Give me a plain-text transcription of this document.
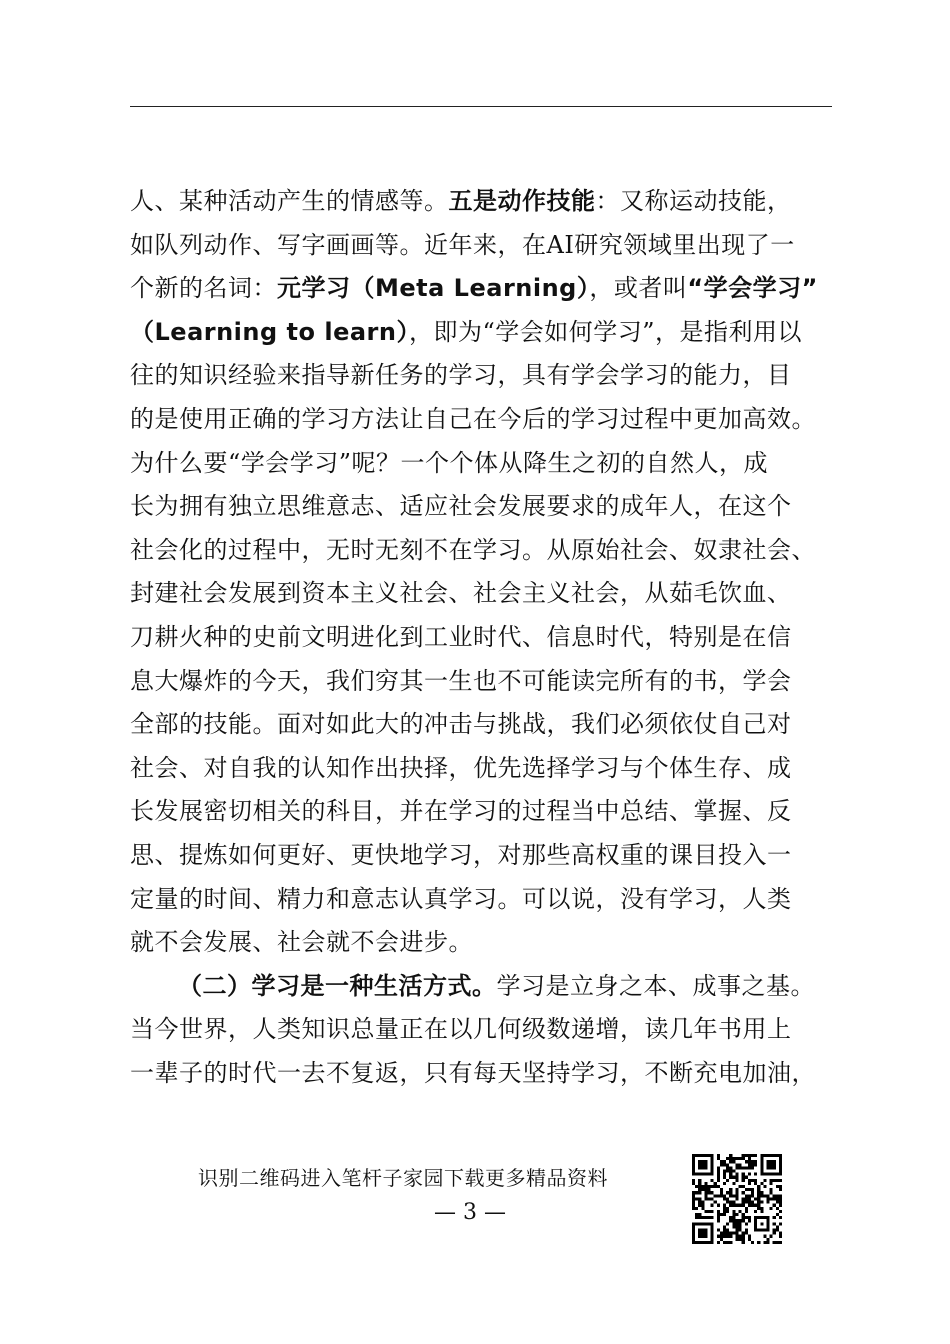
人、某种活动产生的情感等。五是动作技能：又称运动技能，
如队列动作、写字画画等。近年来，在AI研究领域里出现了一
个新的名词：元学习（Meta Learning），或者叫“学会学习”
（Learning to learn），即为“学会如何学习”，是指利用以
往的知识经验来指导新任务的学习，具有学会学习的能力，目
的是使用正确的学习方法让自己在今后的学习过程中更加高效。
为什么要“学会学习”呢？一个个体从降生之初的自然人，成
长为拥有独立思维意志、适应社会发展要求的成年人，在这个
社会化的过程中，无时无刻不在学习。从原始社会、奴隶社会、
封建社会发展到资本主义社会、社会主义社会，从茹毛饮血、
刀耕火种的史前文明进化到工业时代、信息时代，特别是在信
息大爆炸的今天，我们穷其一生也不可能读完所有的书，学会
全部的技能。面对如此大的冲击与挑战，我们必须依仗自己对
社会、对自我的认知作出抉择，优先选择学习与个体生存、成
长发展密切相关的科目，并在学习的过程当中总结、掌握、反
思、提炼如何更好、更快地学习，对那些高权重的课目投入一
定量的时间、精力和意志认真学习。可以说，没有学习，人类
就不会发展、社会就不会进步。
（二）学习是一种生活方式。学习是立身之本、成事之基。
当今世界，人类知识总量正在以几何级数递增，读几年书用上
一辈子的时代一去不复返，只有每天坚持学习，不断充电加油，
识别二维码进入笔杆子家园下载更多精品资料
— 3 —
